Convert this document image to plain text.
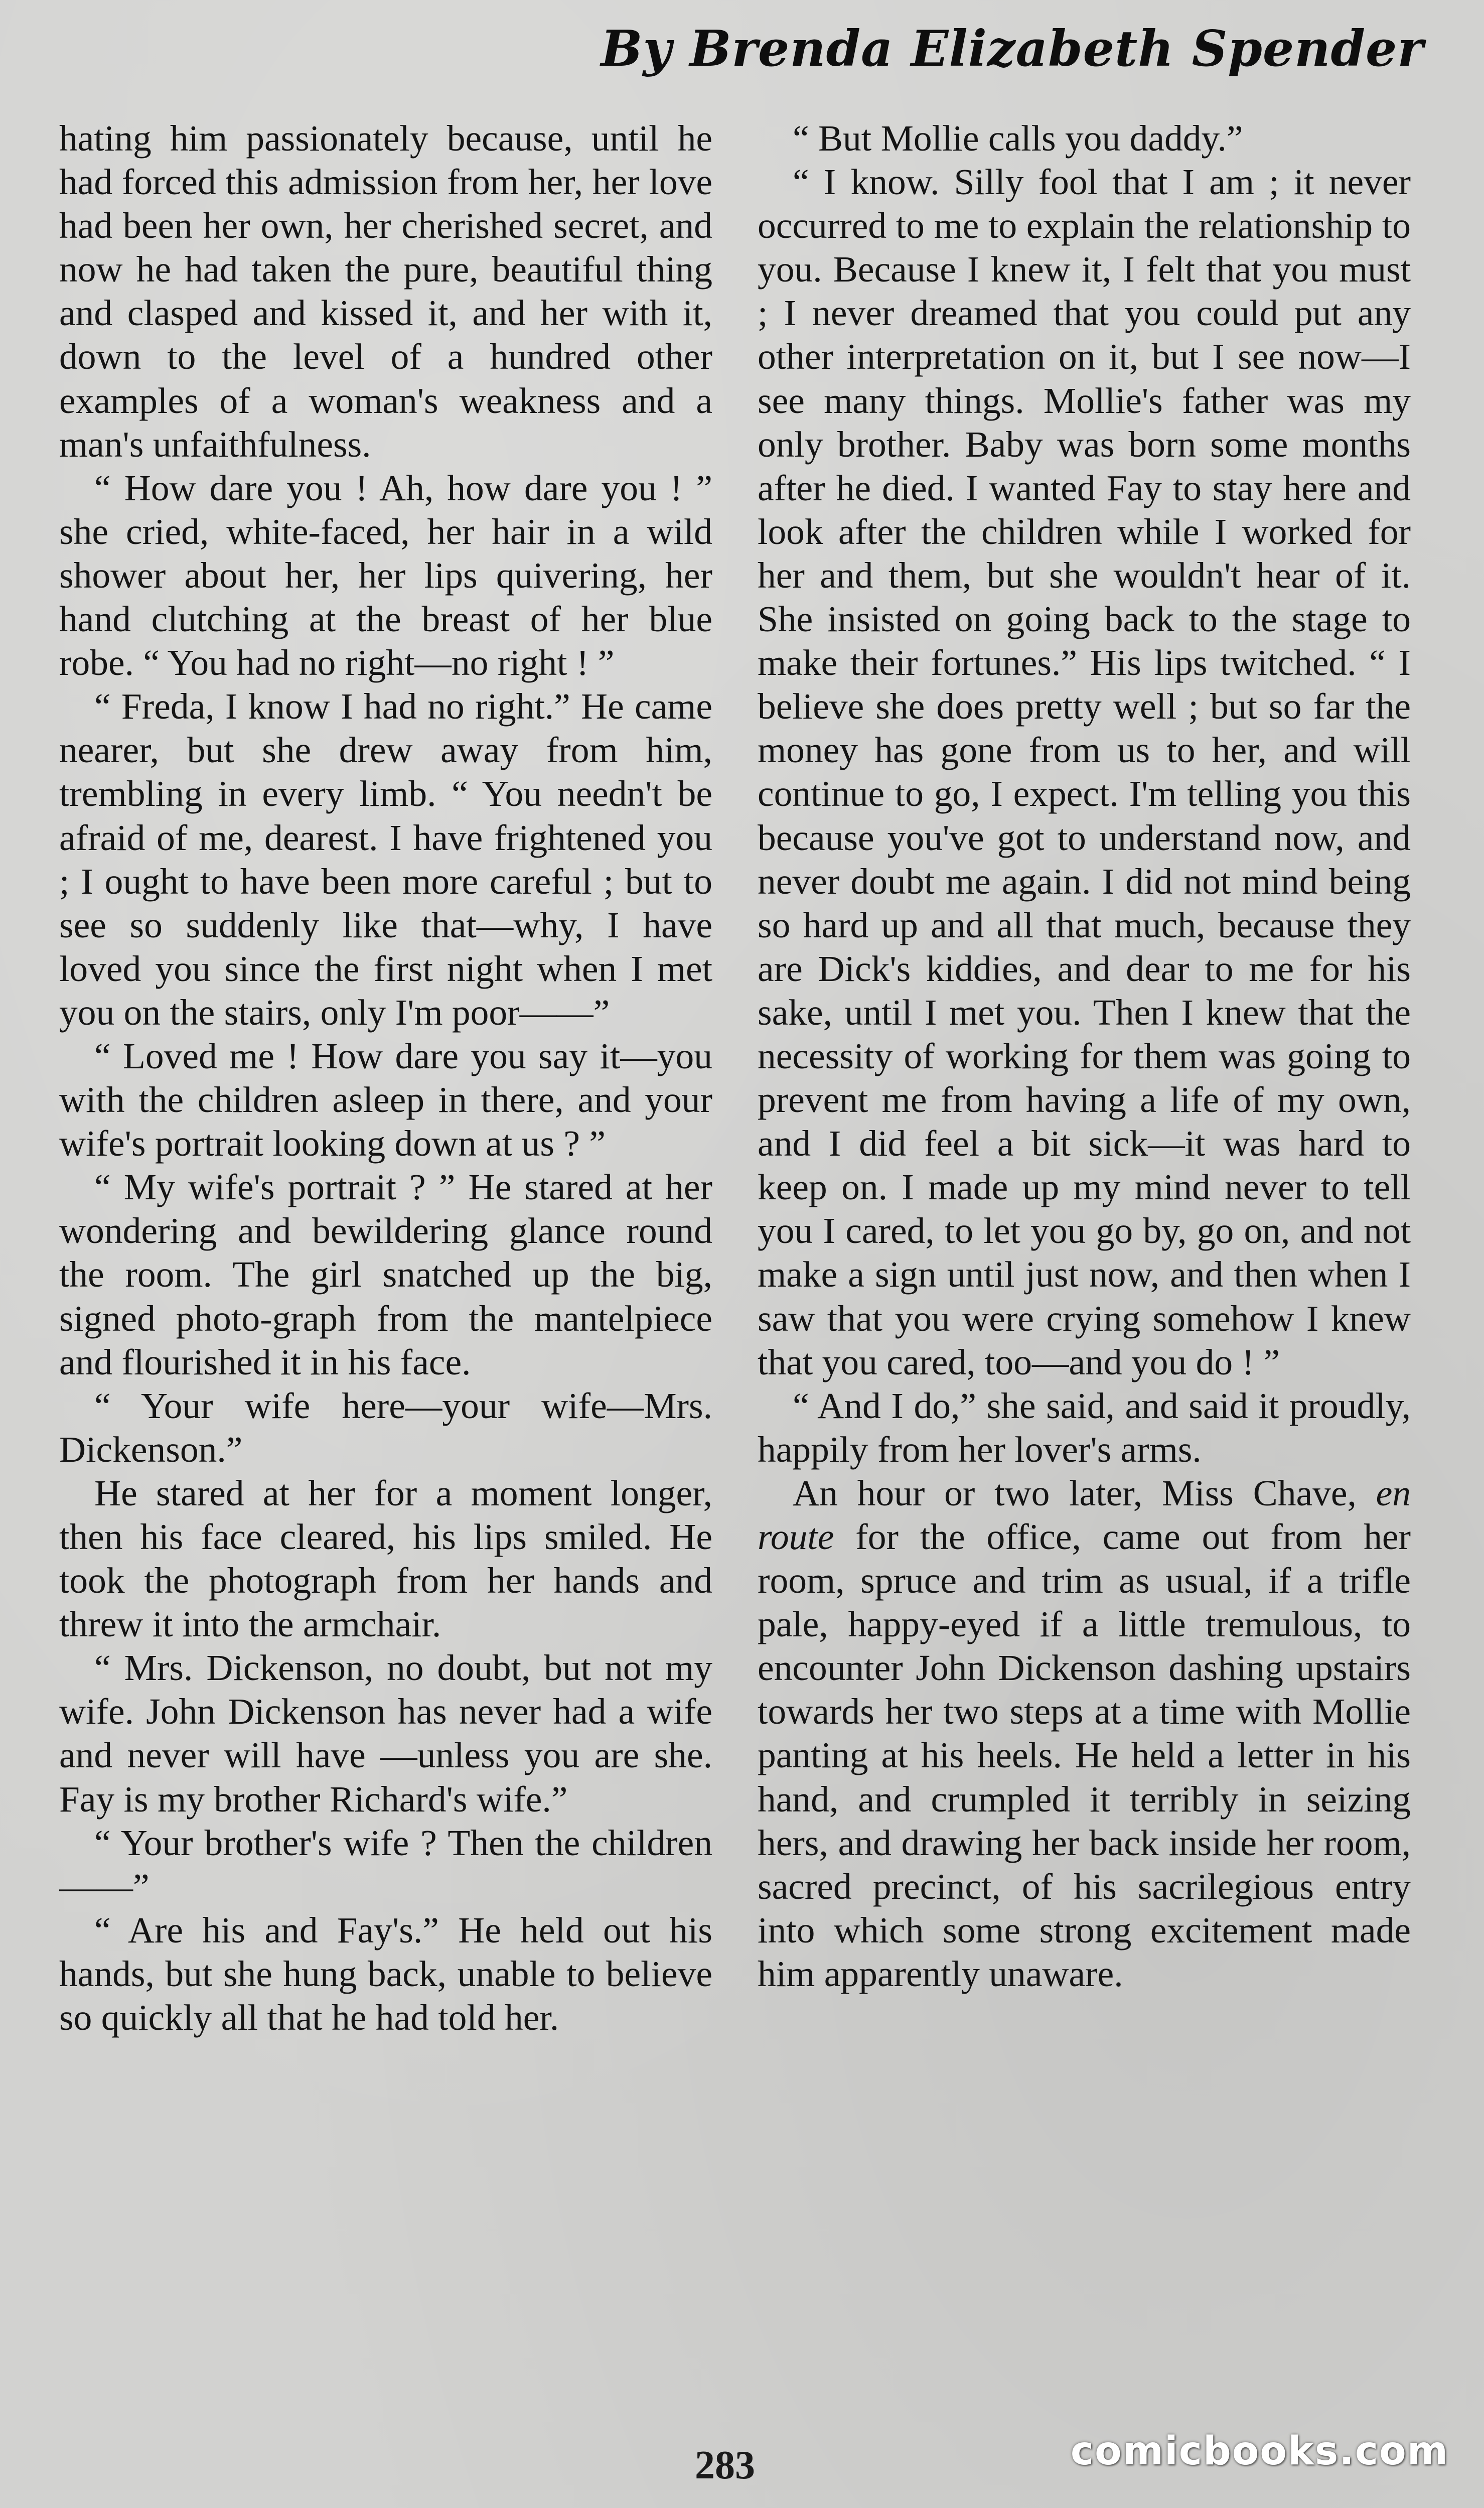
By Brenda Elizabeth Spender

hating him passionately because, until he had forced this admission from her, her love had been her own, her cherished secret, and now he had taken the pure, beautiful thing and clasped and kissed it, and her with it, down to the level of a hundred other examples of a woman's weakness and a man's unfaithfulness.

“ How dare you ! Ah, how dare you ! ” she cried, white-faced, her hair in a wild shower about her, her lips quivering, her hand clutching at the breast of her blue robe. “ You had no right—no right ! ”

“ Freda, I know I had no right.” He came nearer, but she drew away from him, trembling in every limb. “ You needn't be afraid of me, dearest. I have frightened you ; I ought to have been more careful ; but to see so suddenly like that—why, I have loved you since the first night when I met you on the stairs, only I'm poor——”

“ Loved me ! How dare you say it—you with the children asleep in there, and your wife's portrait looking down at us ? ”

“ My wife's portrait ? ” He stared at her wondering and bewildering glance round the room. The girl snatched up the big, signed photo-graph from the mantelpiece and flourished it in his face.

“ Your wife here—your wife—Mrs. Dickenson.”

He stared at her for a moment longer, then his face cleared, his lips smiled. He took the photograph from her hands and threw it into the armchair.

“ Mrs. Dickenson, no doubt, but not my wife. John Dickenson has never had a wife and never will have —unless you are she. Fay is my brother Richard's wife.”

“ Your brother's wife ? Then the children——”

“ Are his and Fay's.” He held out his hands, but she hung back, unable to believe so quickly all that he had told her.

“ But Mollie calls you daddy.”

“ I know. Silly fool that I am ; it never occurred to me to explain the relationship to you. Because I knew it, I felt that you must ; I never dreamed that you could put any other interpretation on it, but I see now—I see many things. Mollie's father was my only brother. Baby was born some months after he died. I wanted Fay to stay here and look after the children while I worked for her and them, but she wouldn't hear of it. She insisted on going back to the stage to make their fortunes.” His lips twitched. “ I believe she does pretty well ; but so far the money has gone from us to her, and will continue to go, I expect. I'm telling you this because you've got to understand now, and never doubt me again. I did not mind being so hard up and all that much, because they are Dick's kiddies, and dear to me for his sake, until I met you. Then I knew that the necessity of working for them was going to prevent me from having a life of my own, and I did feel a bit sick—it was hard to keep on. I made up my mind never to tell you I cared, to let you go by, go on, and not make a sign until just now, and then when I saw that you were crying somehow I knew that you cared, too—and you do ! ”

“ And I do,” she said, and said it proudly, happily from her lover's arms.

An hour or two later, Miss Chave, en route for the office, came out from her room, spruce and trim as usual, if a trifle pale, happy-eyed if a little tremulous, to encounter John Dickenson dashing upstairs towards her two steps at a time with Mollie panting at his heels. He held a letter in his hand, and crumpled it terribly in seizing hers, and drawing her back inside her room, sacred precinct, of his sacrilegious entry into which some strong excitement made him apparently unaware.

283	comicbooks.com
